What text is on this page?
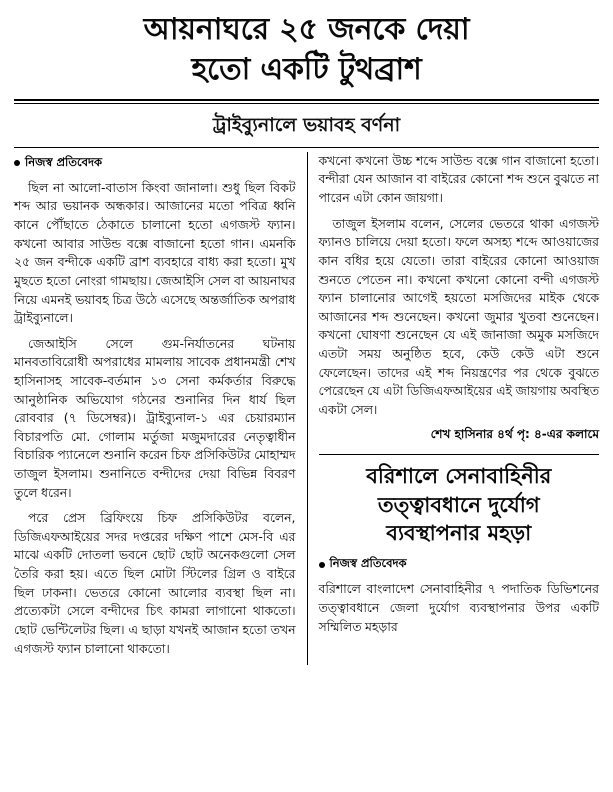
আয়নাঘরে ২৫ জনকে দেয়া
হতো একটি টুথব্রাশ
ট্রাইব্যুনালে ভয়াবহ বর্ণনা
নিজস্ব প্রতিবেদক

ছিল না আলো-বাতাস কিংবা জানালা। শুধু ছিল বিকট শব্দ আর ভয়ানক অন্ধকার। আজানের মতো পবিত্র ধ্বনি কানে পৌঁছাতে ঠেকাতে চালানো হতো এগজস্ট ফ্যান। কখনো আবার সাউন্ড বক্সে বাজানো হতো গান। এমনকি ২৫ জন বন্দীকে একটি ব্রাশ ব্যবহারে বাধ্য করা হতো। মুখ মুছতে হতো নোংরা গামছায়। জেআইসি সেল বা আয়নাঘর নিয়ে এমনই ভয়াবহ চিত্র উঠে এসেছে অন্তর্জাতিক অপরাধ ট্রাইব্যুনালে।

জেআইসি সেলে গুম-নির্যাতনের ঘটনায় মানবতাবিরোধী অপরাধের মামলায় সাবেক প্রধানমন্ত্রী শেখ হাসিনাসহ সাবেক-বর্তমান ১৩ সেনা কর্মকর্তার বিরুদ্ধে আনুষ্ঠানিক অভিযোগ গঠনের শুনানির দিন ধার্য ছিল রোববার (৭ ডিসেম্বর)। ট্রাইব্যুনাল-১ এর চেয়ারম্যান বিচারপতি মো. গোলাম মর্তুজা মজুমদারের নেতৃত্বাধীন বিচারিক প্যানেলে শুনানি করেন চিফ প্রসিকিউটর মোহাম্মদ তাজুল ইসলাম। শুনানিতে বন্দীদের দেয়া বিভিন্ন বিবরণ তুলে ধরেন।

পরে প্রেস ব্রিফিংয়ে চিফ প্রসিকিউটর বলেন, ডিজিএফআইয়ের সদর দপ্তরের দক্ষিণ পাশে মেস-বি এর মাঝে একটি দোতলা ভবনে ছোট ছোট অনেকগুলো সেল তৈরি করা হয়। এতে ছিল মোটা স্টিলের গ্রিল ও বাইরে ছিল ঢাকনা। ভেতরে কোনো আলোর ব্যবস্থা ছিল না। প্রত্যেকটা সেলে বন্দীদের চিৎ কামরা লাগানো থাকতো। ছোট ভেন্টিলেটর ছিল। এ ছাড়া যখনই আজান হতো তখন এগজস্ট ফ্যান চালানো থাকতো।

কখনো কখনো উচ্চ শব্দে সাউন্ড বক্সে গান বাজানো হতো। বন্দীরা যেন আজান বা বাইরের কোনো শব্দ শুনে বুঝতে না পারেন এটা কোন জায়গা।

তাজুল ইসলাম বলেন, সেলের ভেতরে থাকা এগজস্ট ফ্যানও চালিয়ে দেয়া হতো। ফলে অসহ্য শব্দে আওয়াজের কান বধির হয়ে যেতো। তারা বাইরের কোনো আওয়াজ শুনতে পেতেন না। কখনো কখনো কোনো বন্দী এগজস্ট ফ্যান চালানোর আগেই হয়তো মসজিদের মাইক থেকে আজানের শব্দ শুনেছেন। কখনো জুমার খুতবা শুনেছেন। কখনো ঘোষণা শুনেছেন যে এই জানাজা অমুক মসজিদে এতটা সময় অনুষ্ঠিত হবে, কেউ কেউ এটা শুনে ফেলেছেন। তাদের এই শব্দ নিয়ন্ত্রণের পর থেকে বুঝতে পেরেছেন যে এটা ডিজিএফআইয়ের এই জায়গায় অবস্থিত একটা সেল।

শেখ হাসিনার ৪র্থ পৃ: ৪-এর কলামে
বরিশালে সেনাবাহিনীর
তত্ত্বাবধানে দুর্যোগ
ব্যবস্থাপনার মহড়া
নিজস্ব প্রতিবেদক

বরিশালে বাংলাদেশ সেনাবাহিনীর ৭ পদাতিক ডিভিশনের তত্ত্বাবধানে জেলা দুর্যোগ ব্যবস্থাপনার উপর একটি সম্মিলিত মহড়ার
